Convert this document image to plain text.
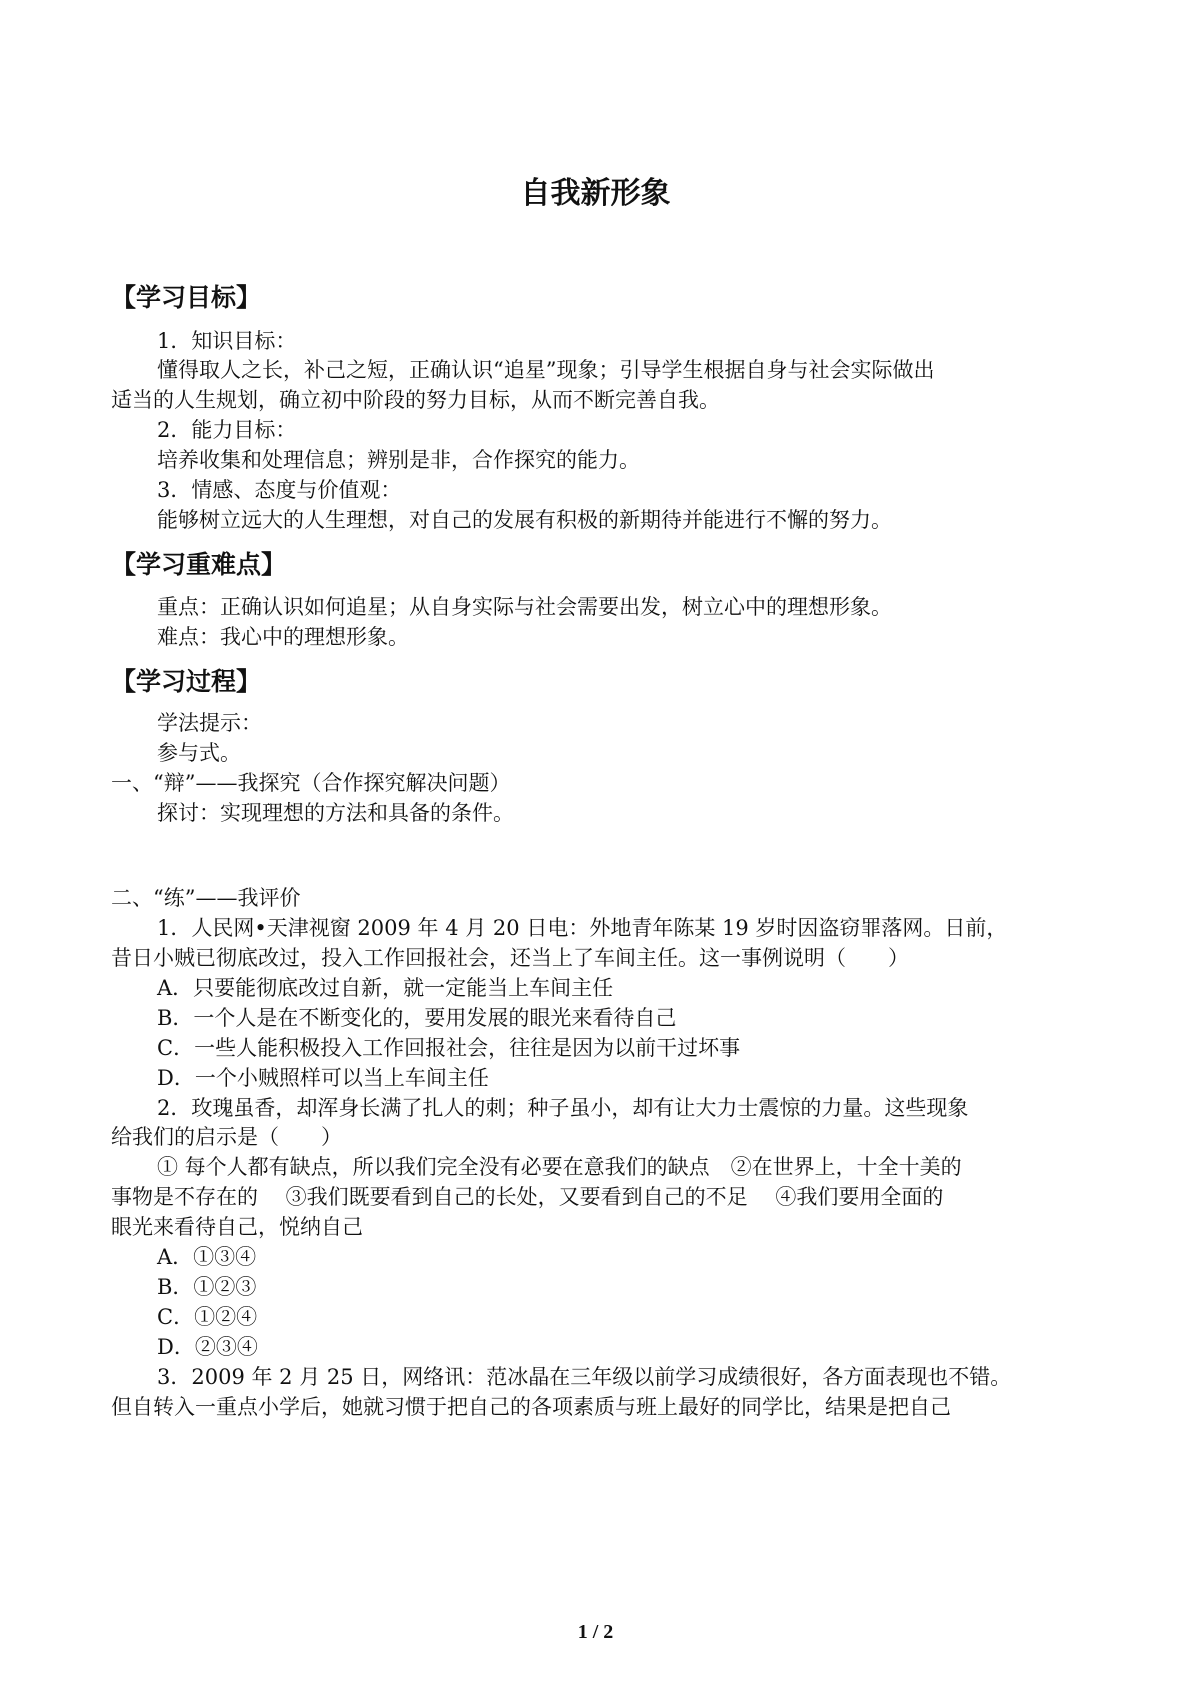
自我新形象
【学习目标】
1．知识目标：
懂得取人之长，补己之短，正确认识“追星”现象；引导学生根据自身与社会实际做出
适当的人生规划，确立初中阶段的努力目标，从而不断完善自我。
2．能力目标：
培养收集和处理信息；辨别是非，合作探究的能力。
3．情感、态度与价值观：
能够树立远大的人生理想，对自己的发展有积极的新期待并能进行不懈的努力。
【学习重难点】
重点：正确认识如何追星；从自身实际与社会需要出发，树立心中的理想形象。
难点：我心中的理想形象。
【学习过程】
学法提示：
参与式。
一、“辩”——我探究（合作探究解决问题）
探讨：实现理想的方法和具备的条件。
二、“练”——我评价
1．人民网•天津视窗 2009 年 4 月 20 日电：外地青年陈某 19 岁时因盗窃罪落网。日前，
昔日小贼已彻底改过，投入工作回报社会，还当上了车间主任。这一事例说明（　　）
A．只要能彻底改过自新，就一定能当上车间主任
B．一个人是在不断变化的，要用发展的眼光来看待自己
C．一些人能积极投入工作回报社会，往往是因为以前干过坏事
D．一个小贼照样可以当上车间主任
2．玫瑰虽香，却浑身长满了扎人的刺；种子虽小，却有让大力士震惊的力量。这些现象
给我们的启示是（　　）
① 每个人都有缺点，所以我们完全没有必要在意我们的缺点　②在世界上，十全十美的
事物是不存在的　 ③我们既要看到自己的长处，又要看到自己的不足　 ④我们要用全面的
眼光来看待自己，悦纳自己
A．①③④
B．①②③
C．①②④
D．②③④
3．2009 年 2 月 25 日，网络讯：范冰晶在三年级以前学习成绩很好，各方面表现也不错。
但自转入一重点小学后，她就习惯于把自己的各项素质与班上最好的同学比，结果是把自己
1 / 2
